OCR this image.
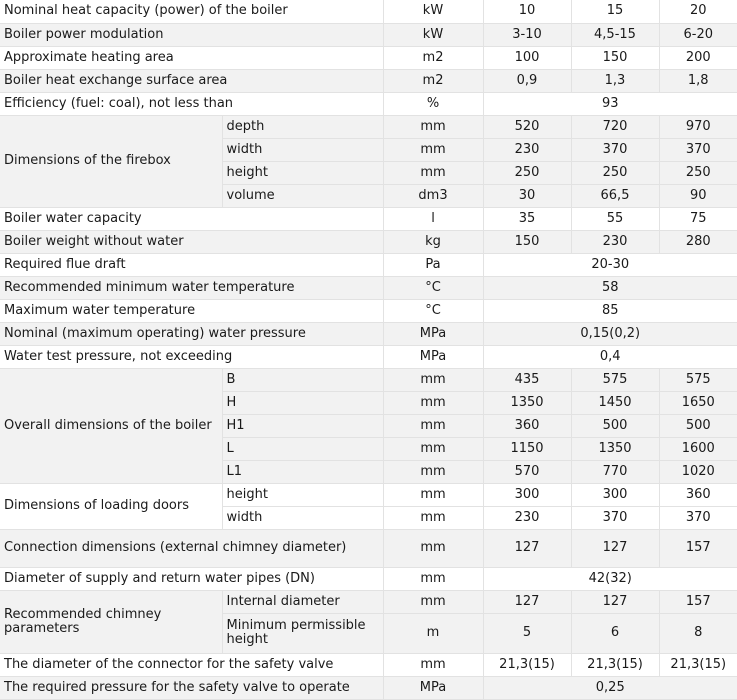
Nominal heat capacity (power) of the boiler		kW	10	15	20
Boiler power modulation		kW	3-10	4,5-15	6-20
Approximate heating area		m2	100	150	200
Boiler heat exchange surface area		m2	0,9	1,3	1,8
Efficiency (fuel: coal), not less than		%	93		
Dimensions of the firebox	depth	mm	520	720	970
	width	mm	230	370	370
	height	mm	250	250	250
	volume	dm3	30	66,5	90
Boiler water capacity		l	35	55	75
Boiler weight without water		kg	150	230	280
Required flue draft		Pa	20-30		
Recommended minimum water temperature		°C	58		
Maximum water temperature		°C	85		
Nominal (maximum operating) water pressure		MPa	0,15(0,2)		
Water test pressure, not exceeding		MPa	0,4		
Overall dimensions of the boiler	B	mm	435	575	575
	H	mm	1350	1450	1650
	H1	mm	360	500	500
	L	mm	1150	1350	1600
	L1	mm	570	770	1020
Dimensions of loading doors	height	mm	300	300	360
	width	mm	230	370	370
Connection dimensions (external chimney diameter)		mm	127	127	157
Diameter of supply and return water pipes (DN)		mm	42(32)		
Recommended chimney parameters	Internal diameter	mm	127	127	157
	Minimum permissible height	m	5	6	8
The diameter of the connector for the safety valve		mm	21,3(15)	21,3(15)	21,3(15)
The required pressure for the safety valve to operate		MPa	0,25		
